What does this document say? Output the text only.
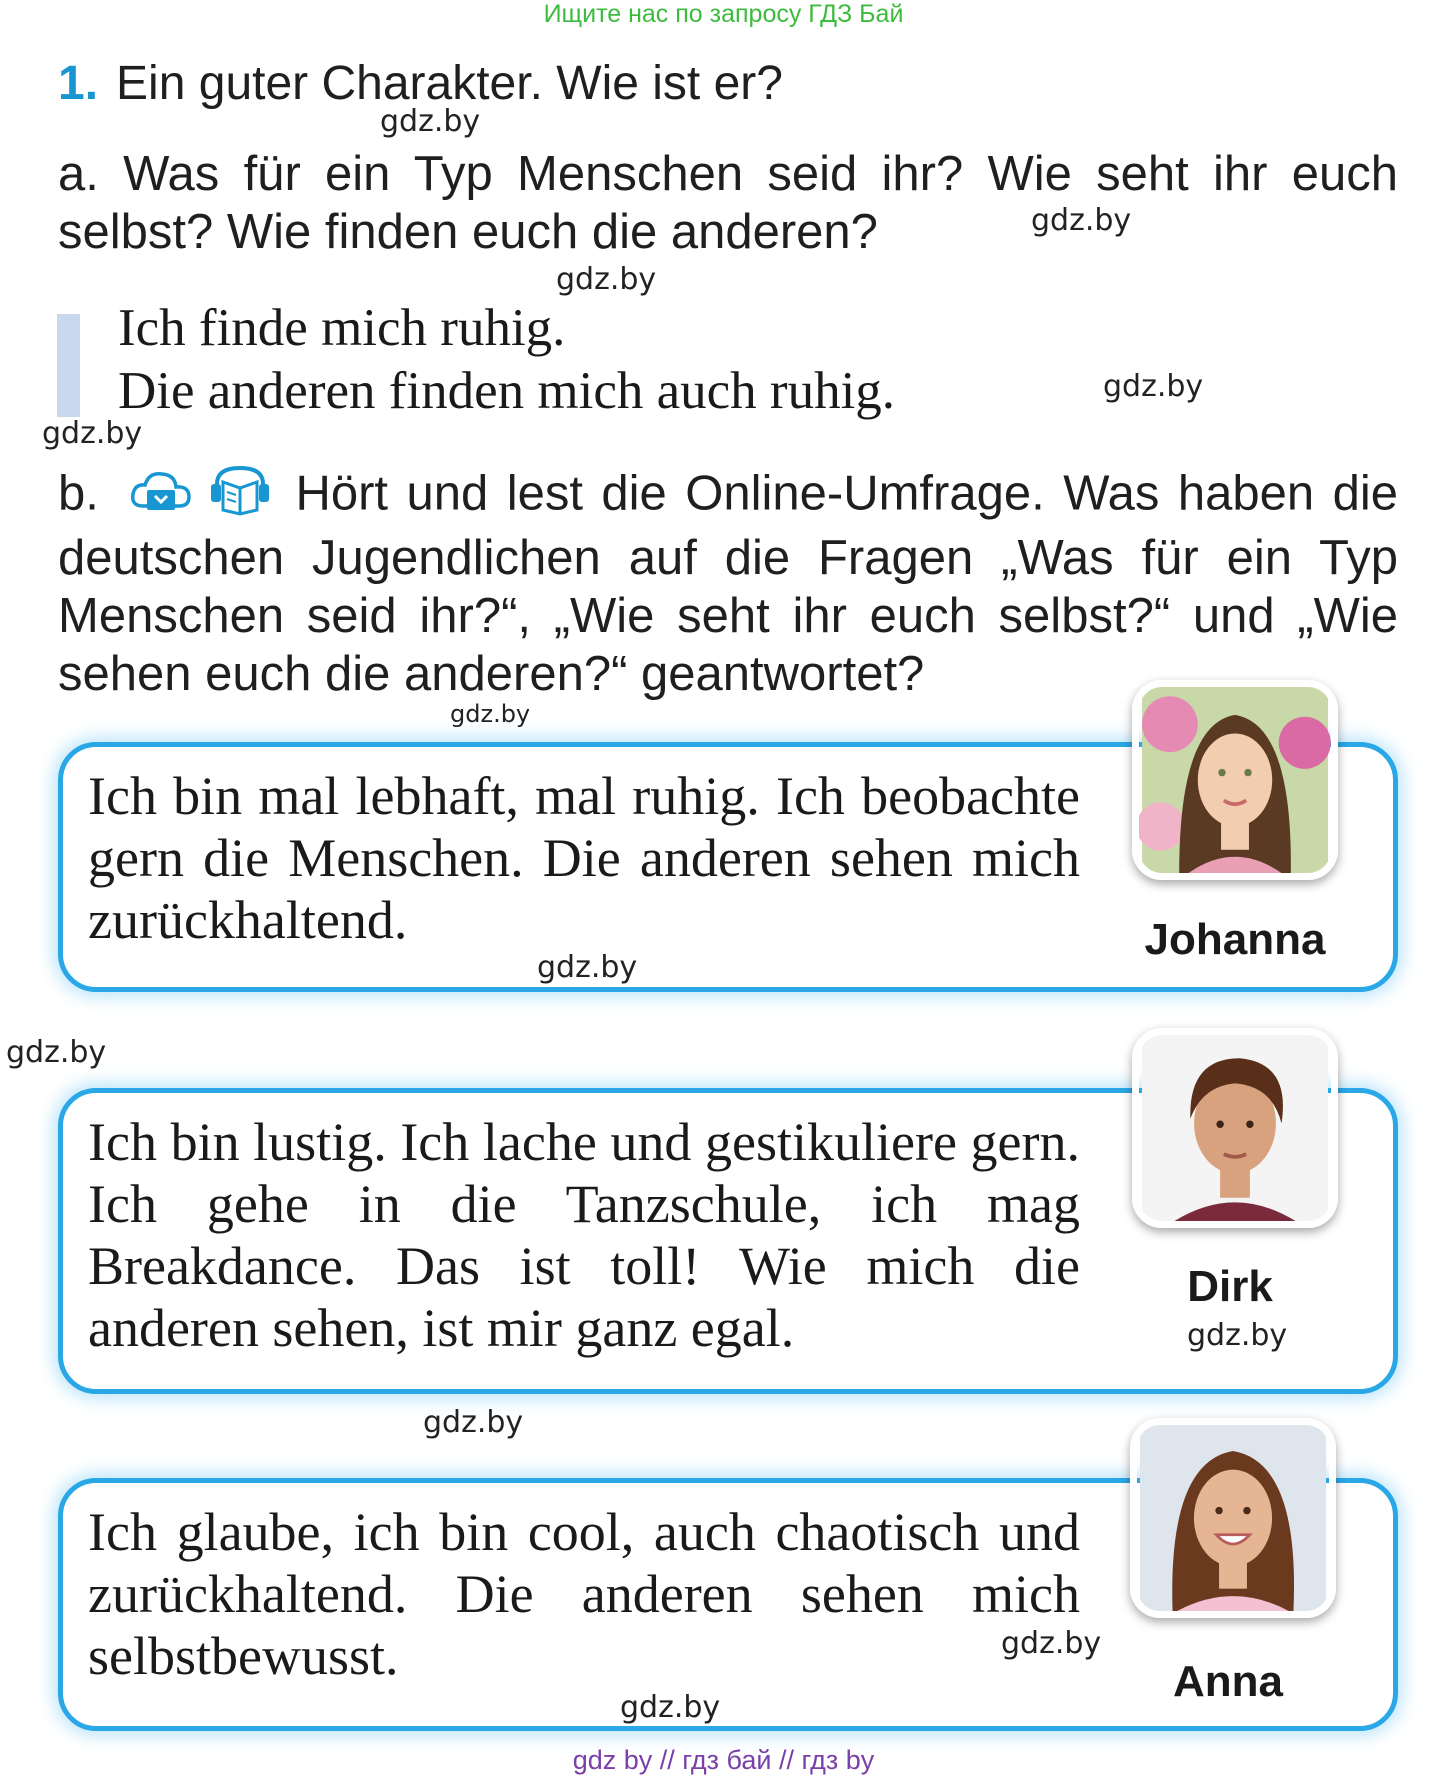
Ищите нас по запросу ГДЗ Бай
1. Ein guter Charakter. Wie ist er?
gdz.by
a. Was für ein Typ Menschen seid ihr? Wie seht ihr euch selbst? Wie finden euch die anderen?	gdz.by
gdz.by
Ich finde mich ruhig.
Die anderen finden mich auch ruhig.	gdz.by
gdz.by
b.	Hört und lest die Online-Umfrage. Was haben die deutschen Jugendlichen auf die Fragen „Was für ein Typ Menschen seid ihr?“, „Wie seht ihr euch selbst?“ und „Wie sehen euch die anderen?“ geantwortet?
gdz.by
Ich bin mal lebhaft, mal ruhig. Ich beobachte gern die Menschen. Die anderen sehen mich zurückhaltend.
gdz.by
Johanna
gdz.by
Ich bin lustig. Ich lache und gestikuliere gern. Ich gehe in die Tanzschule, ich mag Breakdance. Das ist toll! Wie mich die anderen sehen, ist mir ganz egal.
Dirk
gdz.by
gdz.by
Ich glaube, ich bin cool, auch chaotisch und zurückhaltend. Die anderen sehen mich selbstbewusst.	gdz.by
gdz.by
Anna
gdz by // гдз бай // гдз by
